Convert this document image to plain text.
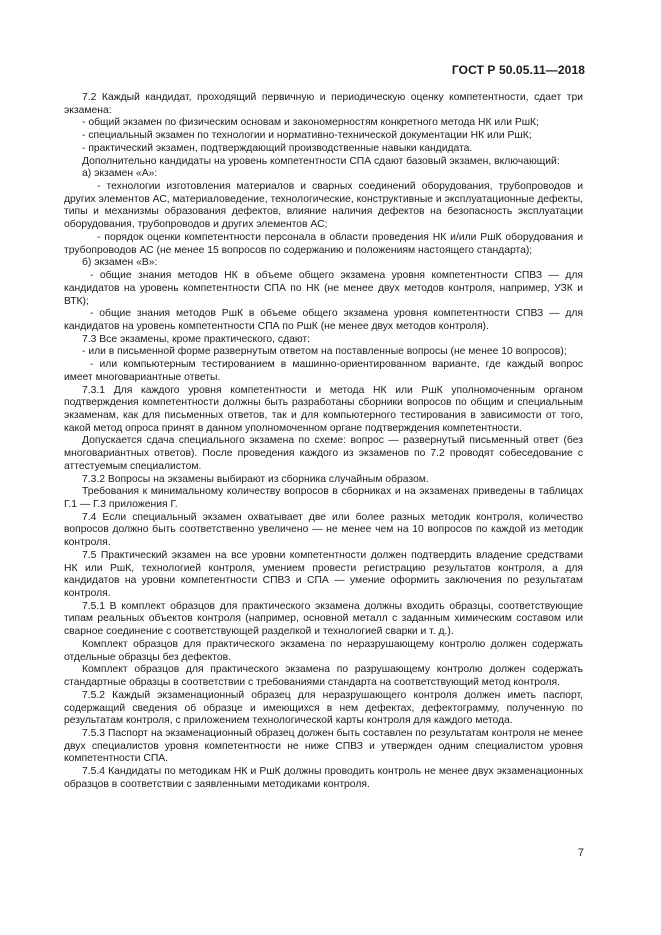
ГОСТ Р 50.05.11—2018

7.2 Каждый кандидат, проходящий первичную и периодическую оценку компетентности, сдает три экзамена:

- общий экзамен по физическим основам и закономерностям конкретного метода НК или РшК;

- специальный экзамен по технологии и нормативно-технической документации НК или РшК;

- практический экзамен, подтверждающий производственные навыки кандидата.

Дополнительно кандидаты на уровень компетентности СПА сдают базовый экзамен, включающий:

а) экзамен «А»:

- технологии изготовления материалов и сварных соединений оборудования, трубопроводов и других элементов АС, материаловедение, технологические, конструктивные и эксплуатационные дефекты, типы и механизмы образования дефектов, влияние наличия дефектов на безопасность эксплуатации оборудования, трубопроводов и других элементов АС;

- порядок оценки компетентности персонала в области проведения НК и/или РшК оборудования и трубопроводов АС (не менее 15 вопросов по содержанию и положениям настоящего стандарта);

б) экзамен «В»:

- общие знания методов НК в объеме общего экзамена уровня компетентности СПВЗ — для кандидатов на уровень компетентности СПА по НК (не менее двух методов контроля, например, УЗК и ВТК);

- общие знания методов РшК в объеме общего экзамена уровня компетентности СПВЗ — для кандидатов на уровень компетентности СПА по РшК (не менее двух методов контроля).

7.3 Все экзамены, кроме практического, сдают:

- или в письменной форме развернутым ответом на поставленные вопросы (не менее 10 вопросов);

- или компьютерным тестированием в машинно-ориентированном варианте, где каждый вопрос имеет многовариантные ответы.

7.3.1 Для каждого уровня компетентности и метода НК или РшК уполномоченным органом подтверждения компетентности должны быть разработаны сборники вопросов по общим и специальным экзаменам, как для письменных ответов, так и для компьютерного тестирования в зависимости от того, какой метод опроса принят в данном уполномоченном органе подтверждения компетентности.

Допускается сдача специального экзамена по схеме: вопрос — развернутый письменный ответ (без многовариантных ответов). После проведения каждого из экзаменов по 7.2 проводят собеседование с аттестуемым специалистом.

7.3.2 Вопросы на экзамены выбирают из сборника случайным образом.

Требования к минимальному количеству вопросов в сборниках и на экзаменах приведены в таблицах Г.1 — Г.3 приложения Г.

7.4 Если специальный экзамен охватывает две или более разных методик контроля, количество вопросов должно быть соответственно увеличено — не менее чем на 10 вопросов по каждой из методик контроля.

7.5 Практический экзамен на все уровни компетентности должен подтвердить владение средствами НК или РшК, технологией контроля, умением провести регистрацию результатов контроля, а для кандидатов на уровни компетентности СПВЗ и СПА — умение оформить заключения по результатам контроля.

7.5.1 В комплект образцов для практического экзамена должны входить образцы, соответствующие типам реальных объектов контроля (например, основной металл с заданным химическим составом или сварное соединение с соответствующей разделкой и технологией сварки и т. д.).

Комплект образцов для практического экзамена по неразрушающему контролю должен содержать отдельные образцы без дефектов.

Комплект образцов для практического экзамена по разрушающему контролю должен содержать стандартные образцы в соответствии с требованиями стандарта на соответствующий метод контроля.

7.5.2 Каждый экзаменационный образец для неразрушающего контроля должен иметь паспорт, содержащий сведения об образце и имеющихся в нем дефектах, дефектограмму, полученную по результатам контроля, с приложением технологической карты контроля для каждого метода.

7.5.3 Паспорт на экзаменационный образец должен быть составлен по результатам контроля не менее двух специалистов уровня компетентности не ниже СПВЗ и утвержден одним специалистом уровня компетентности СПА.

7.5.4 Кандидаты по методикам НК и РшК должны проводить контроль не менее двух экзаменационных образцов в соответствии с заявленными методиками контроля.

7
